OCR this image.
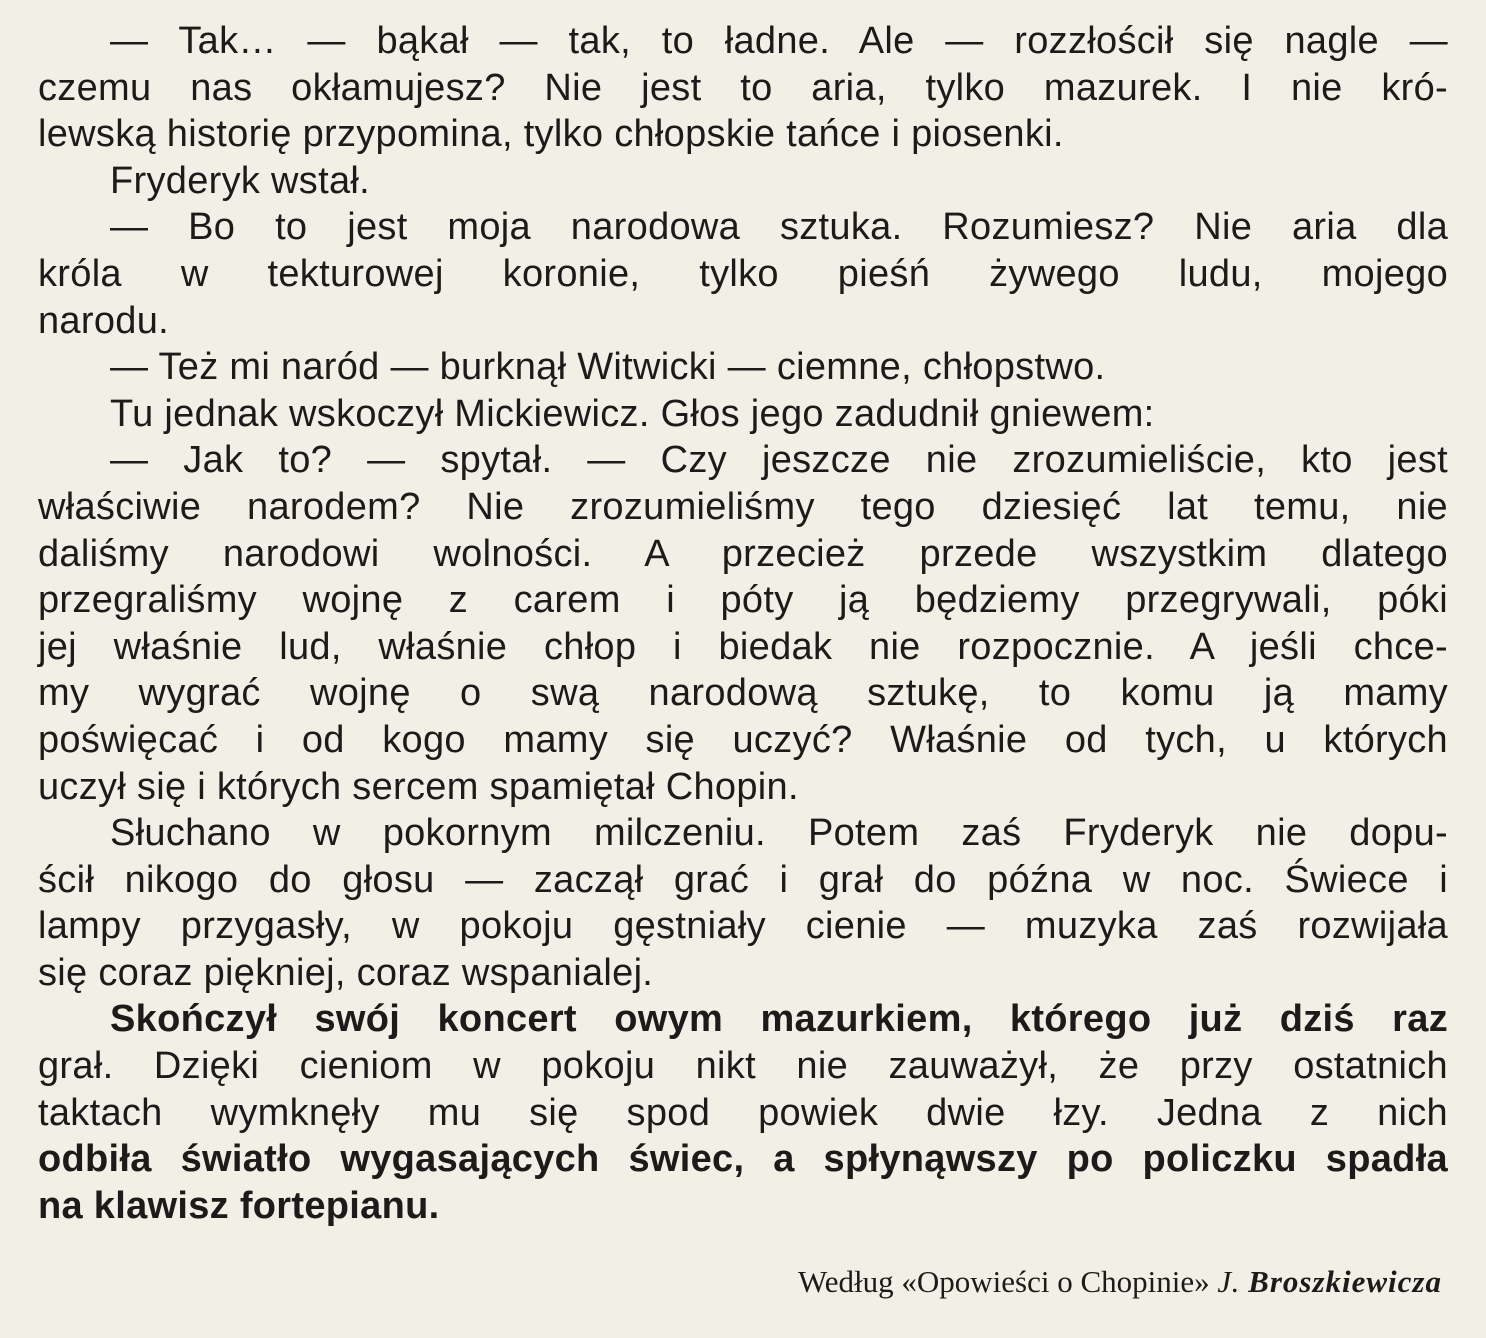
— Tak… — bąkał — tak, to ładne. Ale — rozzłościł się nagle —
czemu nas okłamujesz? Nie jest to aria, tylko mazurek. I nie kró-
lewską historię przypomina, tylko chłopskie tańce i piosenki.
Fryderyk wstał.
— Bo to jest moja narodowa sztuka. Rozumiesz? Nie aria dla
króla w tekturowej koronie, tylko pieśń żywego ludu, mojego
narodu.
— Też mi naród — burknął Witwicki — ciemne, chłopstwo.
Tu jednak wskoczył Mickiewicz. Głos jego zadudnił gniewem:
— Jak to? — spytał. — Czy jeszcze nie zrozumieliście, kto jest
właściwie narodem? Nie zrozumieliśmy tego dziesięć lat temu, nie
daliśmy narodowi wolności. A przecież przede wszystkim dlatego
przegraliśmy wojnę z carem i póty ją będziemy przegrywali, póki
jej właśnie lud, właśnie chłop i biedak nie rozpocznie. A jeśli chce-
my wygrać wojnę o swą narodową sztukę, to komu ją mamy
poświęcać i od kogo mamy się uczyć? Właśnie od tych, u których
uczył się i których sercem spamiętał Chopin.
Słuchano w pokornym milczeniu. Potem zaś Fryderyk nie dopu-
ścił nikogo do głosu — zaczął grać i grał do późna w noc. Świece i
lampy przygasły, w pokoju gęstniały cienie — muzyka zaś rozwijała
się coraz piękniej, coraz wspanialej.
Skończył swój koncert owym mazurkiem, którego już dziś raz
grał. Dzięki cieniom w pokoju nikt nie zauważył, że przy ostatnich
taktach wymknęły mu się spod powiek dwie łzy. Jedna z nich
odbiła światło wygasających świec, a spłynąwszy po policzku spadła
na klawisz fortepianu.
Według «Opowieści o Chopinie» J. Broszkiewicza
